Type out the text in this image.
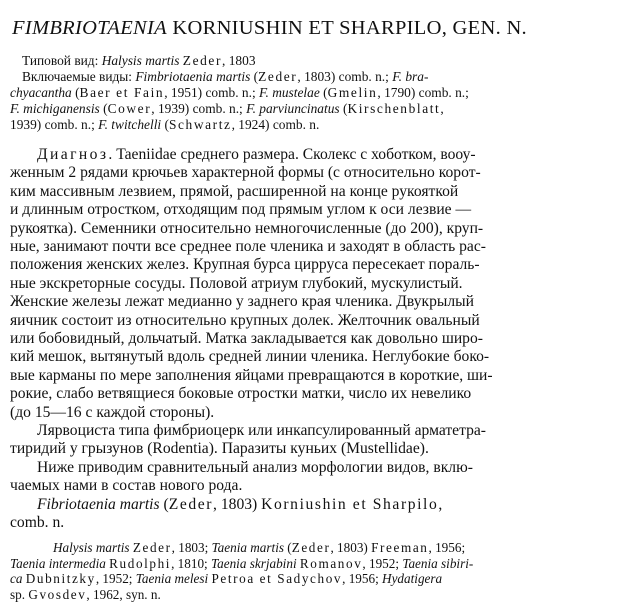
FIMBRIOTAENIA KORNIUSHIN ET SHARPILO, GEN. N.
Типовой вид: Halysis martis Zeder, 1803
Включаемые виды: Fimbriotaenia martis (Zeder, 1803) comb. n.; F. bra-
chyacantha (Baer et Fain, 1951) comb. n.; F. mustelae (Gmelin, 1790) comb. n.;
F. michiganensis (Cower, 1939) comb. n.; F. parviuncinatus (Kirschenblatt,
1939) comb. n.; F. twitchelli (Schwartz, 1924) comb. n.
Диагноз. Taeniidae среднего размера. Сколекс с хоботком, вооу-
женным 2 рядами крючьев характерной формы (с относительно корот-
ким массивным лезвием, прямой, расширенной на конце рукояткой
и длинным отростком, отходящим под прямым углом к оси лезвие —
рукоятка). Семенники относительно немногочисленные (до 200), круп-
ные, занимают почти все среднее поле членика и заходят в область рас-
положения женских желез. Крупная бурса цирруса пересекает пораль-
ные экскреторные сосуды. Половой атриум глубокий, мускулистый.
Женские железы лежат медианно у заднего края членика. Двукрылый
яичник состоит из относительно крупных долек. Желточник овальный
или бобовидный, дольчатый. Матка закладывается как довольно широ-
кий мешок, вытянутый вдоль средней линии членика. Неглубокие боко-
вые карманы по мере заполнения яйцами превращаются в короткие, ши-
рокие, слабо ветвящиеся боковые отростки матки, число их невелико
(до 15—16 с каждой стороны).
Лярвоциста типа фимбриоцерк или инкапсулированный арматетра-
тиридий у грызунов (Rodentia). Паразиты куньих (Mustellidae).
Ниже приводим сравнительный анализ морфологии видов, вклю-
чаемых нами в состав нового рода.
Fibriotaenia martis (Zeder, 1803) Korniushin et Sharpilo,
comb. n.
Halysis martis Zeder, 1803; Taenia martis (Zeder, 1803) Freeman, 1956;
Taenia intermedia Rudolphi, 1810; Taenia skrjabini Romanov, 1952; Taenia sibiri-
ca Dubnitzky, 1952; Taenia melesi Petroa et Sadychov, 1956; Hydatigera
sp. Gvosdev, 1962, syn. n.
